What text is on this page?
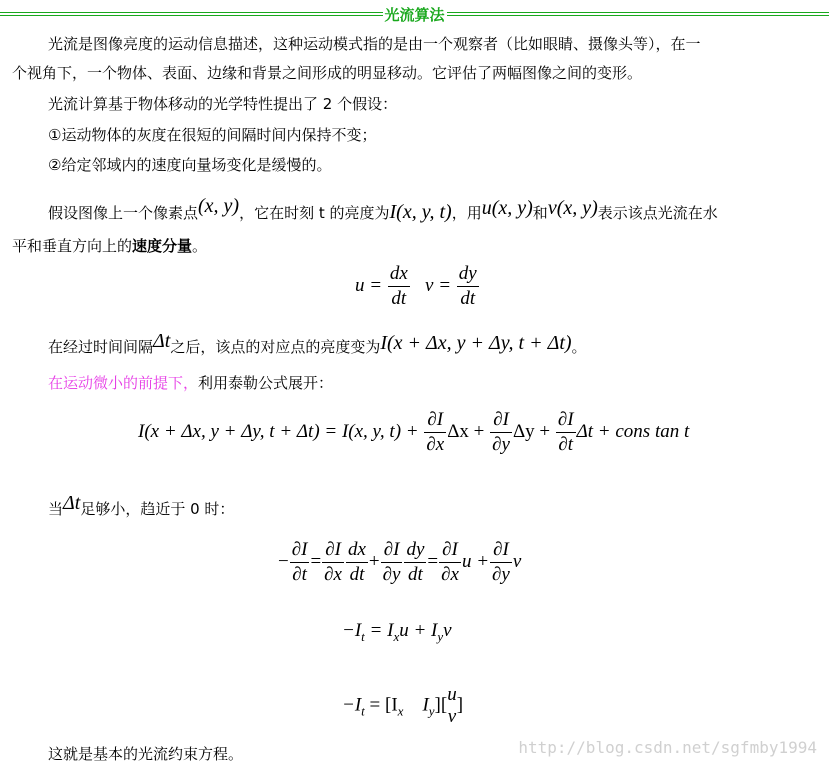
光流算法

光流是图像亮度的运动信息描述，这种运动模式指的是由一个观察者（比如眼睛、摄像头等），在一

个视角下，一个物体、表面、边缘和背景之间形成的明显移动。它评估了两幅图像之间的变形。

光流计算基于物体移动的光学特性提出了 2 个假设：

①运动物体的灰度在很短的间隔时间内保持不变；

②给定邻域内的速度向量场变化是缓慢的。

假设图像上一个像素点(x, y)，它在时刻 t 的亮度为I(x, y, t)，用u(x, y)和v(x, y)表示该点光流在水

平和垂直方向上的速度分量。

$u = \frac{dx}{dt}$ $v = \frac{dy}{dt}$

在经过时间间隔Δt之后，该点的对应点的亮度变为I(x + Δx, y + Δy, t + Δt)。

在运动微小的前提下，利用泰勒公式展开：

I(x + Δx, y + Δy, t + Δt) = I(x, y, $t) + \frac{\partial I}{\partial x}$ $\Delta x + \frac{\partial I}{\partial y}$ $\Delta y + \frac{\partial I}{\partial t}$ Δt + cons tan t

当Δt足够小，趋近于 0 时：

− $\frac{\partial I}{\partial t} = \frac{\partial I}{\partial x} \frac{dx}{dt} + \frac{\partial I}{\partial y} \frac{dy}{dt} = \frac{\partial I}{\partial x}$ $u + \frac{\partial I}{\partial y}$ v
$-I_t = I_xu + I_yv$
$-I_t = [I_x$ $I_y$][ u
v
]

这就是基本的光流约束方程。	http://blog.csdn.net/sgfmby1994
